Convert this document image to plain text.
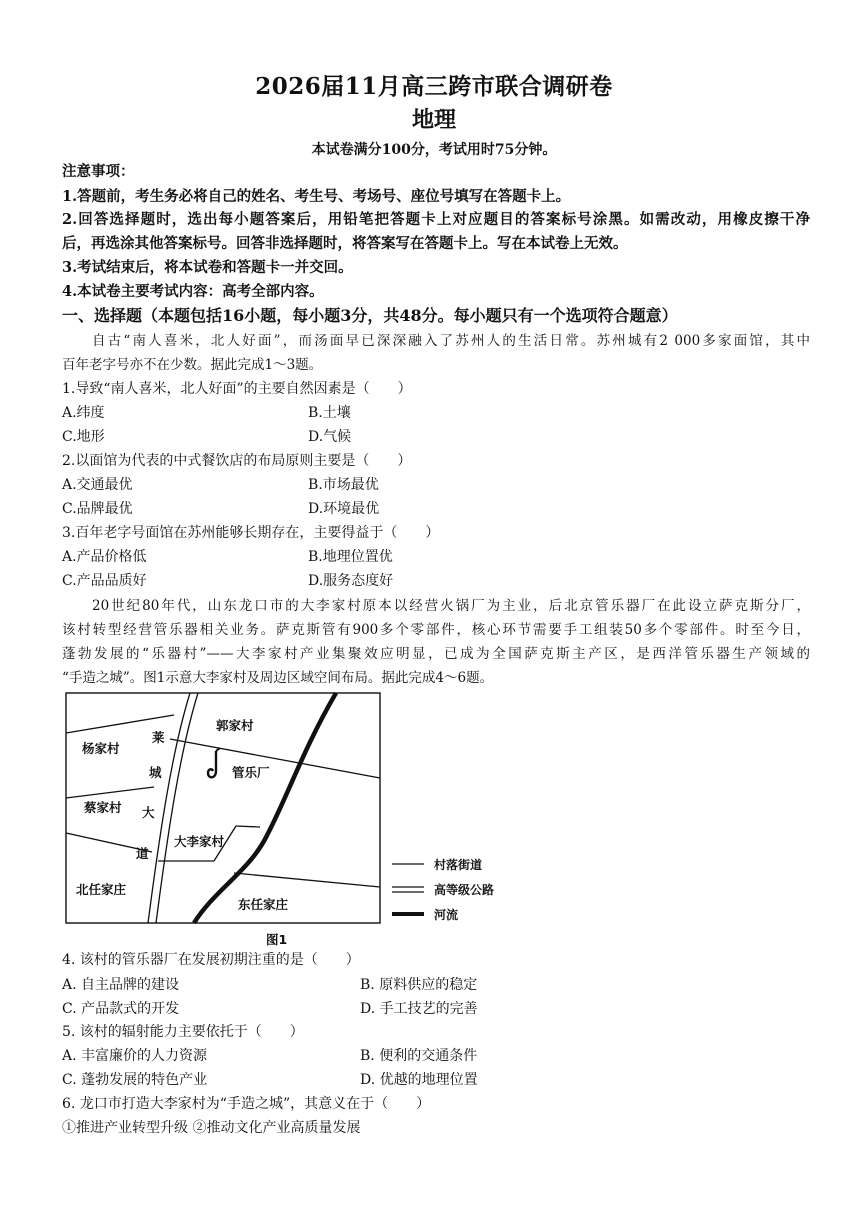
2026届11月高三跨市联合调研卷
地理
本试卷满分100分，考试用时75分钟。
注意事项：
1.答题前，考生务必将自己的姓名、考生号、考场号、座位号填写在答题卡上。
2.回答选择题时，选出每小题答案后，用铅笔把答题卡上对应题目的答案标号涂黑。如需改动，用橡皮擦干净
后，再选涂其他答案标号。回答非选择题时，将答案写在答题卡上。写在本试卷上无效。
3.考试结束后，将本试卷和答题卡一并交回。
4.本试卷主要考试内容：高考全部内容。
一、选择题（本题包括16小题，每小题3分，共48分。每小题只有一个选项符合题意）
自古“南人喜米，北人好面”，而汤面早已深深融入了苏州人的生活日常。苏州城有2 000多家面馆，其中
百年老字号亦不在少数。据此完成1～3题。
1.导致“南人喜米，北人好面”的主要自然因素是（　　）
A.纬度	B.土壤
C.地形	D.气候
2.以面馆为代表的中式餐饮店的布局原则主要是（　　）
A.交通最优	B.市场最优
C.品牌最优	D.环境最优
3.百年老字号面馆在苏州能够长期存在，主要得益于（　　）
A.产品价格低	B.地理位置优
C.产品品质好	D.服务态度好
20世纪80年代，山东龙口市的大李家村原本以经营火锅厂为主业，后北京管乐器厂在此设立萨克斯分厂，
该村转型经营管乐器相关业务。萨克斯管有900多个零部件，核心环节需要手工组装50多个零部件。时至今日，
蓬勃发展的“乐器村”——大李家村产业集聚效应明显，已成为全国萨克斯主产区，是西洋管乐器生产领域的
“手造之城”。图1示意大李家村及周边区域空间布局。据此完成4～6题。
杨家村
郭家村
莱
城
大
道
管乐厂
蔡家村
大李家村
北任家庄
东任家庄
村落街道
高等级公路
河流
图1
4. 该村的管乐器厂在发展初期注重的是（　　）
A. 自主品牌的建设	B. 原料供应的稳定
C. 产品款式的开发	D. 手工技艺的完善
5. 该村的辐射能力主要依托于（　　）
A. 丰富廉价的人力资源	B. 便利的交通条件
C. 蓬勃发展的特色产业	D. 优越的地理位置
6. 龙口市打造大李家村为“手造之城”，其意义在于（　　）
①推进产业转型升级 ②推动文化产业高质量发展
